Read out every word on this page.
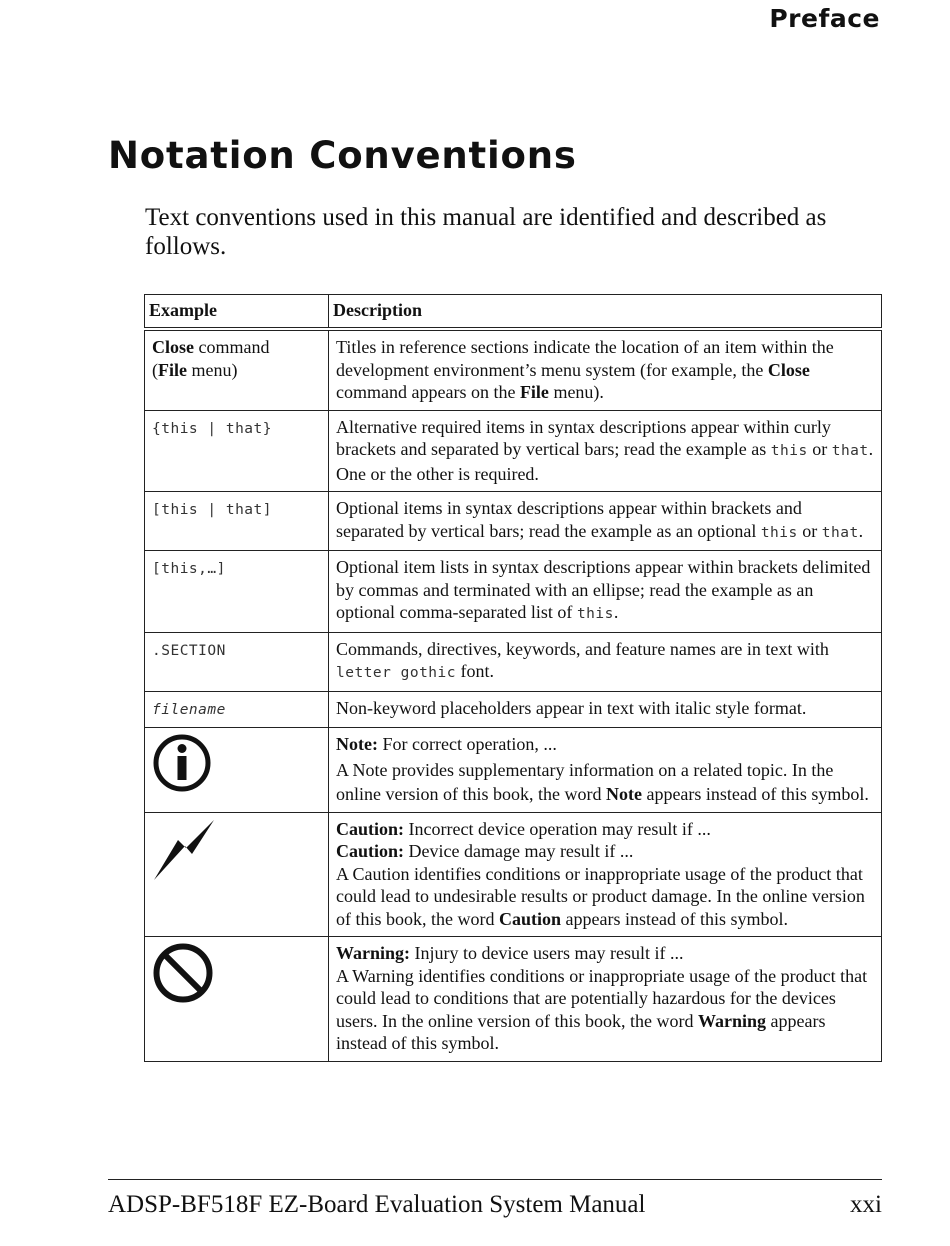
Preface
Notation Conventions

Text conventions used in this manual are identified and described as follows.

Example	Description
Close command
(File menu)	Titles in reference sections indicate the location of an item within the development environment’s menu system (for example, the Close command appears on the File menu).
{this | that}	Alternative required items in syntax descriptions appear within curly brackets and separated by vertical bars; read the example as this or that. One or the other is required.
[this | that]	Optional items in syntax descriptions appear within brackets and separated by vertical bars; read the example as an optional this or that.
[this,…]	Optional item lists in syntax descriptions appear within brackets delimited by commas and terminated with an ellipse; read the example as an optional comma-separated list of this.
.SECTION	Commands, directives, keywords, and feature names are in text with letter gothic font.
filename	Non-keyword placeholders appear in text with italic style format.

Note: For correct operation, ...
A Note provides supplementary information on a related topic. In the online version of this book, the word Note appears instead of this symbol.

Caution: Incorrect device operation may result if ...
Caution: Device damage may result if ...
A Caution identifies conditions or inappropriate usage of the product that could lead to undesirable results or product damage. In the online version of this book, the word Caution appears instead of this symbol.

Warning: Injury to device users may result if ...
A Warning identifies conditions or inappropriate usage of the product that could lead to conditions that are potentially hazardous for the devices users. In the online version of this book, the word Warning appears instead of this symbol.
ADSP-BF518F EZ-Board Evaluation System Manual	xxi
